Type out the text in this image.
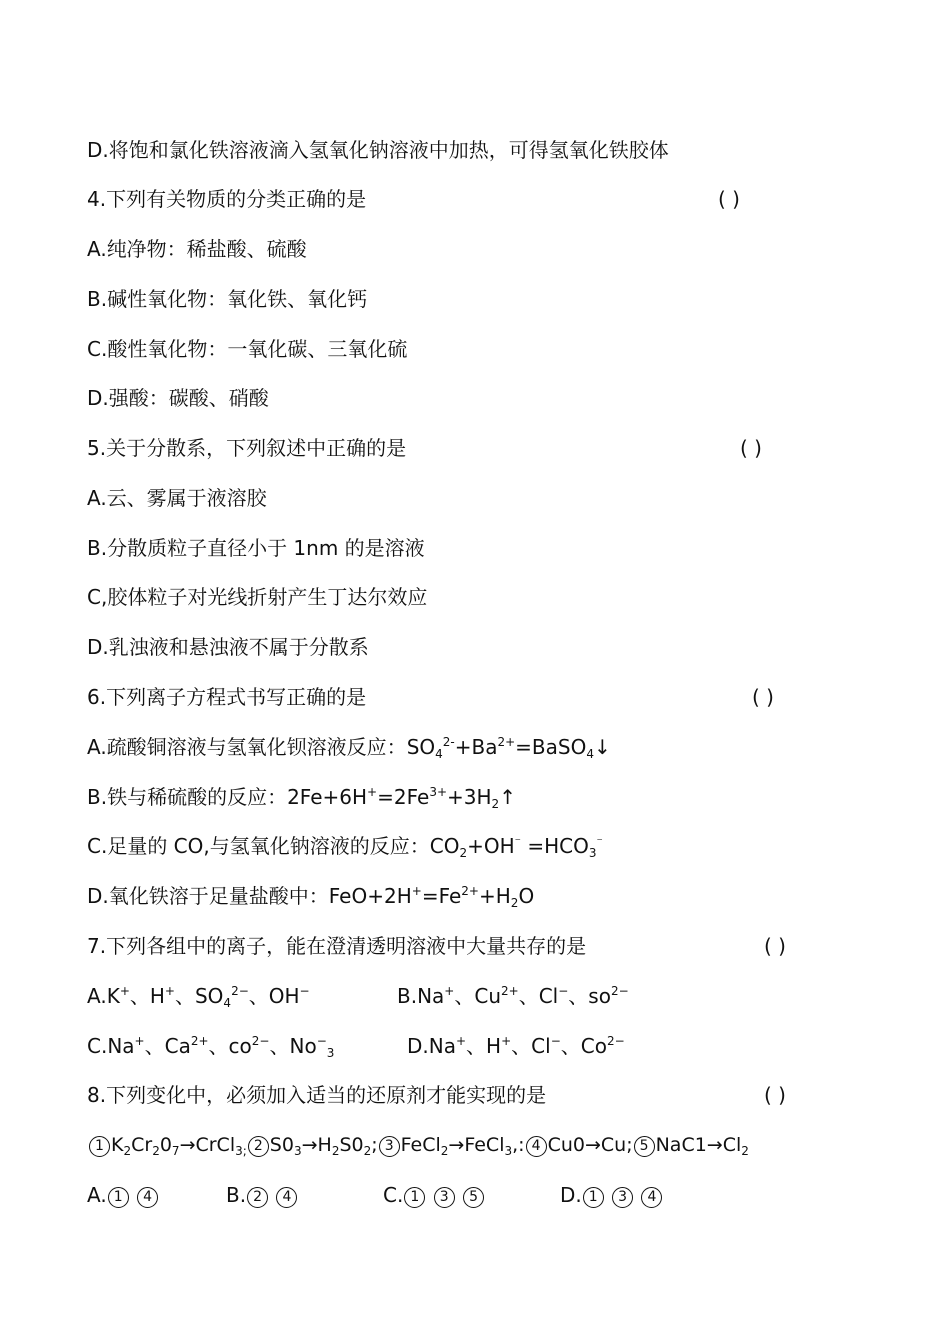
D.将饱和氯化铁溶液滴入氢氧化钠溶液中加热，可得氢氧化铁胶体
4.下列有关物质的分类正确的是	( )
A.纯净物：稀盐酸、硫酸
B.碱性氧化物：氧化铁、氧化钙
C.酸性氧化物：一氧化碳、三氧化硫
D.强酸：碳酸、硝酸
5.关于分散系，下列叙述中正确的是	( )
A.云、雾属于液溶胶
B.分散质粒子直径小于 1nm 的是溶液
C,胶体粒子对光线折射产生丁达尔效应
D.乳浊液和悬浊液不属于分散系
6.下列离子方程式书写正确的是	( )
A.疏酸铜溶液与氢氧化钡溶液反应：$SO_4^{2-}+Ba^{2+}=BaSO_4↓$
B.铁与稀硫酸的反应：$2Fe+6H^+=2Fe^{3+}+3H_2↑$
C.足量的 CO,与氢氧化钠溶液的反应：$CO_2+OH^{^-} =HCO_3^{^-}$
D.氧化铁溶于足量盐酸中：$FeO+2H^+=Fe^{2+}+H_2O$
7.下列各组中的离子，能在澄清透明溶液中大量共存的是	( )
A.K+、H+、$SO_4^{2-}$、OH−	B.Na+、$Cu^{2+}$、Cl−、$so^{2-}$
C.Na+、$Ca^{2+}$、$co^{2-}$、$No^-_3$	D.Na+、H+、Cl−、$Co^{2-}$
8.下列变化中，必须加入适当的还原剂才能实现的是	( )
1 $K_2Cr_20_7\to CrCl_{3;}$ 2 $S0_3\to H_2S0_2$; 3 FeCl$_2$→FeCl$_3$,: 4 Cu0→Cu; 5 $NaC1\to Cl_2$
A. 1 4	B. 2 4	C. 1 3 5	D. 1 3 4
